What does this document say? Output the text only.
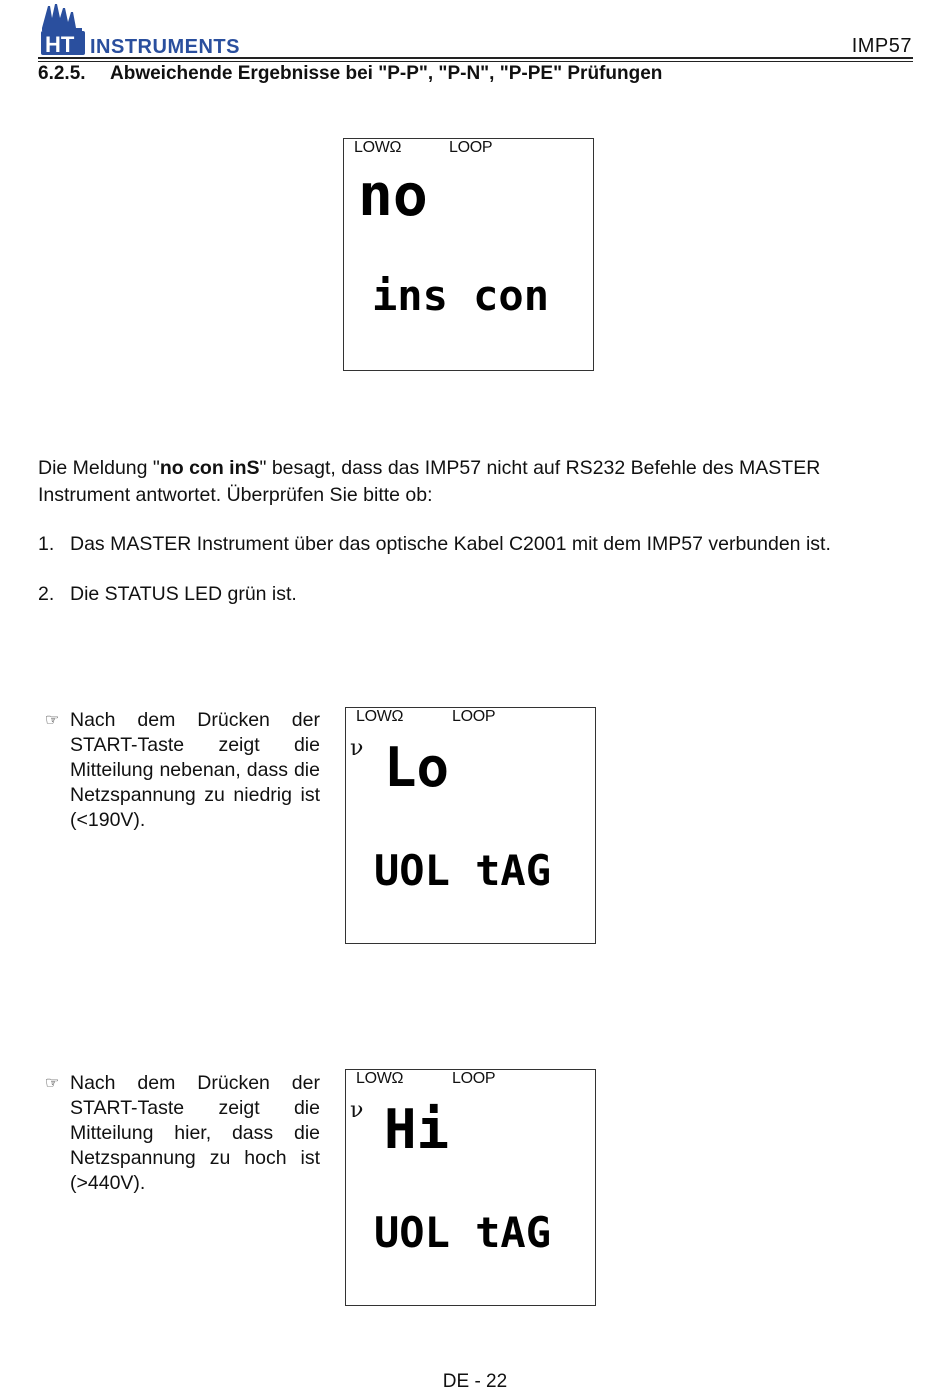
HT INSTRUMENTS	IMP57
6.2.5. Abweichende Ergebnisse bei "P-P", "P-N", "P-PE" Prüfungen
LOWΩ	LOOP
no
ins con
Die Meldung "no con inS" besagt, dass das IMP57 nicht auf RS232 Befehle des MASTER Instrument antwortet. Überprüfen Sie bitte ob:
1. Das MASTER Instrument über das optische Kabel C2001 mit dem IMP57 verbunden ist.
2. Die STATUS LED grün ist.
☞ Nach dem Drücken der START-Taste zeigt die Mitteilung nebenan, dass die Netzspannung zu niedrig ist (<190V).
LOWΩ	LOOP
ν Lo
UOL tAG
☞ Nach dem Drücken der START-Taste zeigt die Mitteilung hier, dass die Netzspannung zu hoch ist (>440V).
LOWΩ	LOOP
ν Hi
UOL tAG
DE - 22
